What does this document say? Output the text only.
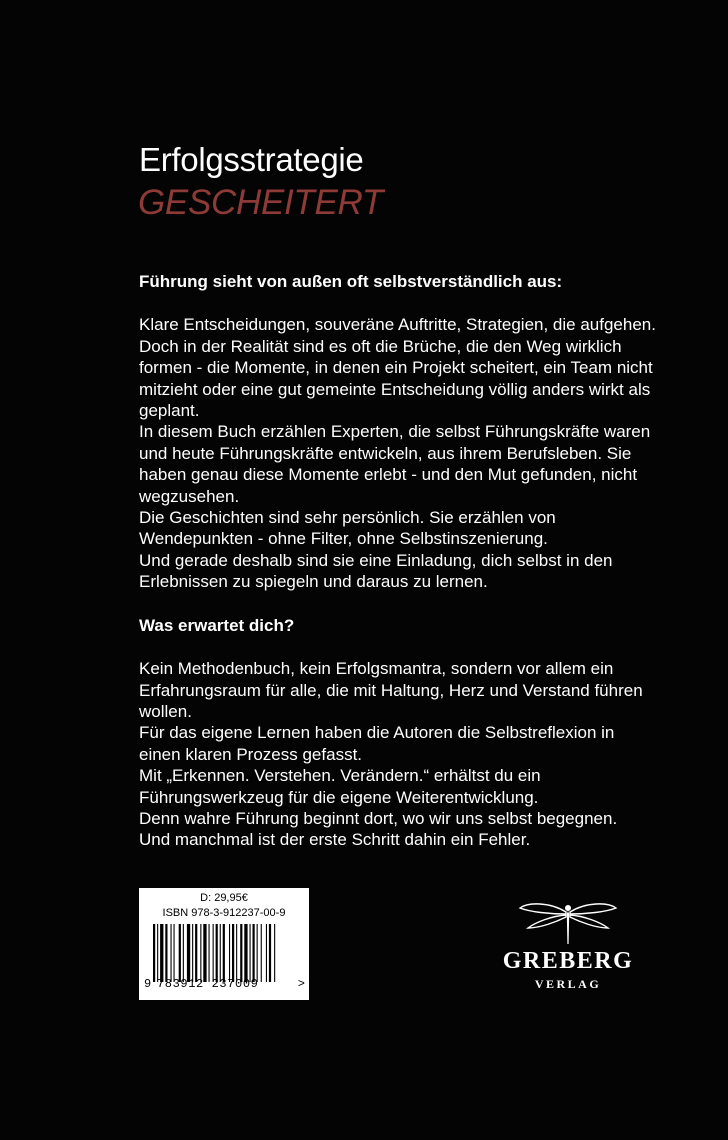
Erfolgsstrategie
GESCHEITERT

Führung sieht von außen oft selbstverständlich aus:

Klare Entscheidungen, souveräne Auftritte, Strategien, die aufgehen. Doch in der Realität sind es oft die Brüche, die den Weg wirklich formen - die Momente, in denen ein Projekt scheitert, ein Team nicht mitzieht oder eine gut gemeinte Entscheidung völlig anders wirkt als geplant.

In diesem Buch erzählen Experten, die selbst Führungskräfte waren und heute Führungskräfte entwickeln, aus ihrem Berufsleben. Sie haben genau diese Momente erlebt - und den Mut gefunden, nicht wegzusehen.

Die Geschichten sind sehr persönlich. Sie erzählen von Wendepunkten - ohne Filter, ohne Selbstinszenierung.

Und gerade deshalb sind sie eine Einladung, dich selbst in den Erlebnissen zu spiegeln und daraus zu lernen.

Was erwartet dich?

Kein Methodenbuch, kein Erfolgsmantra, sondern vor allem ein Erfahrungsraum für alle, die mit Haltung, Herz und Verstand führen wollen.

Für das eigene Lernen haben die Autoren die Selbstreflexion in einen klaren Prozess gefasst.

Mit „Erkennen. Verstehen. Verändern.“ erhältst du ein Führungswerkzeug für die eigene Weiterentwicklung.

Denn wahre Führung beginnt dort, wo wir uns selbst begegnen.

Und manchmal ist der erste Schritt dahin ein Fehler.

D: 29,95€
ISBN 978-3-912237-00-9
9 783912 237009	>
GREBERG
VERLAG
